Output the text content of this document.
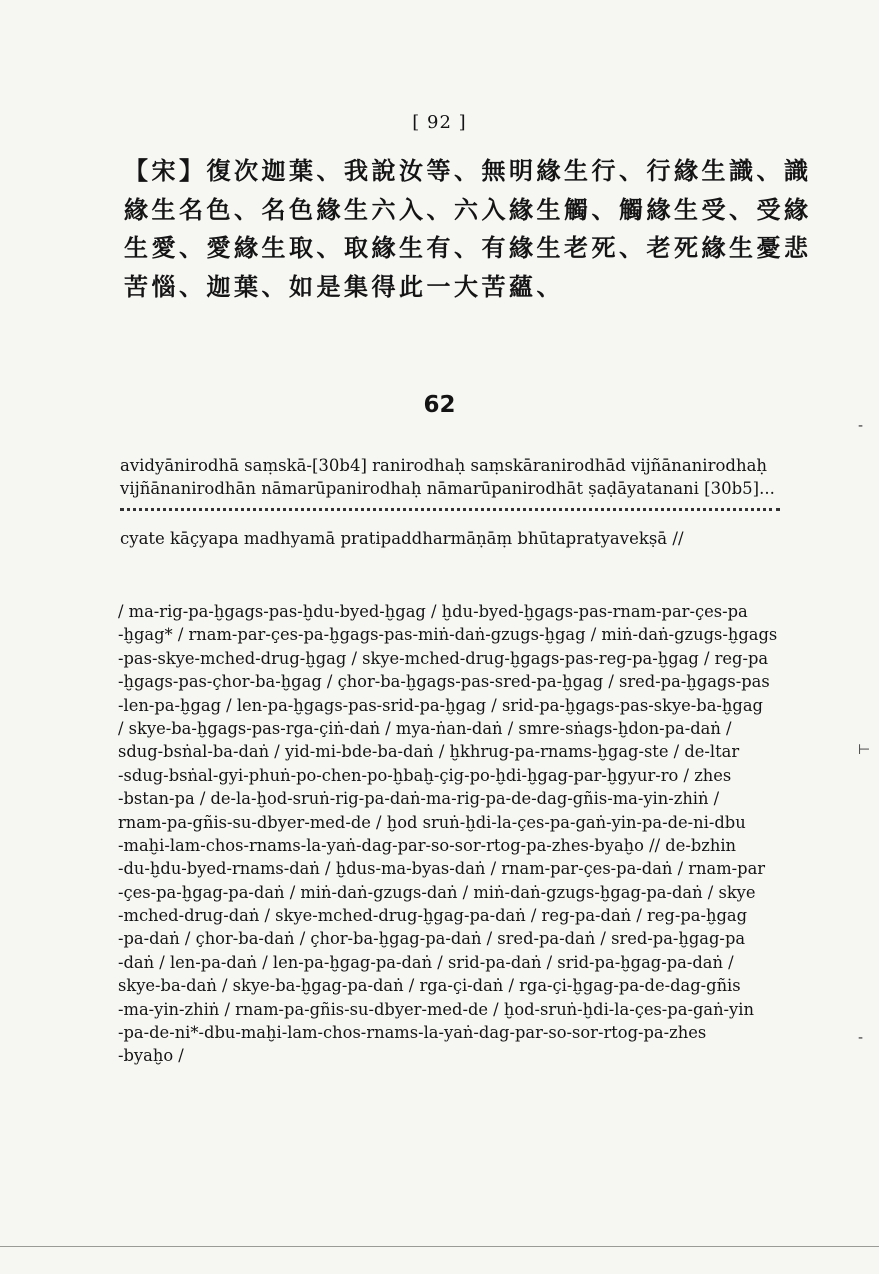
[ 92 ]
【宋】復次迦葉、我說汝等、無明緣生行、行緣生識、識
緣生名色、名色緣生六入、六入緣生觸、觸緣生受、受緣
生愛、愛緣生取、取緣生有、有緣生老死、老死緣生憂悲
苦惱、迦葉、如是集得此一大苦蘊、
62
avidyānirodhā saṃskā-[30b4] ranirodhaḥ saṃskāranirodhād vijñānanirodhaḥ
vijñānanirodhān nāmarūpanirodhaḥ nāmarūpanirodhāt ṣaḍāyatanani [30b5]...
cyate kāçyapa madhyamā pratipaddharmāṇāṃ bhūtapratyavekṣā //
/ ma-rig-pa-ḫgags-pas-ḫdu-byed-ḫgag / ḫdu-byed-ḫgags-pas-rnam-par-çes-pa
-ḫgag* / rnam-par-çes-pa-ḫgags-pas-miṅ-daṅ-gzugs-ḫgag / miṅ-daṅ-gzugs-ḫgags
-pas-skye-mched-drug-ḫgag / skye-mched-drug-ḫgags-pas-reg-pa-ḫgag / reg-pa
-ḫgags-pas-çhor-ba-ḫgag / çhor-ba-ḫgags-pas-sred-pa-ḫgag / sred-pa-ḫgags-pas
-len-pa-ḫgag / len-pa-ḫgags-pas-srid-pa-ḫgag / srid-pa-ḫgags-pas-skye-ba-ḫgag
/ skye-ba-ḫgags-pas-rga-çiṅ-daṅ / mya-ṅan-daṅ / smre-sṅags-ḫdon-pa-daṅ /
sdug-bsṅal-ba-daṅ / yid-mi-bde-ba-daṅ / ḫkhrug-pa-rnams-ḫgag-ste / de-ltar
-sdug-bsṅal-gyi-phuṅ-po-chen-po-ḫbaḫ-çig-po-ḫdi-ḫgag-par-ḫgyur-ro / zhes
-bstan-pa / de-la-ḫod-sruṅ-rig-pa-daṅ-ma-rig-pa-de-dag-gñis-ma-yin-zhiṅ /
rnam-pa-gñis-su-dbyer-med-de / ḫod sruṅ-ḫdi-la-çes-pa-gaṅ-yin-pa-de-ni-dbu
-maḫi-lam-chos-rnams-la-yaṅ-dag-par-so-sor-rtog-pa-zhes-byaḫo // de-bzhin
-du-ḫdu-byed-rnams-daṅ / ḫdus-ma-byas-daṅ / rnam-par-çes-pa-daṅ / rnam-par
-çes-pa-ḫgag-pa-daṅ / miṅ-daṅ-gzugs-daṅ / miṅ-daṅ-gzugs-ḫgag-pa-daṅ / skye
-mched-drug-daṅ / skye-mched-drug-ḫgag-pa-daṅ / reg-pa-daṅ / reg-pa-ḫgag
-pa-daṅ / çhor-ba-daṅ / çhor-ba-ḫgag-pa-daṅ / sred-pa-daṅ / sred-pa-ḫgag-pa
-daṅ / len-pa-daṅ / len-pa-ḫgag-pa-daṅ / srid-pa-daṅ / srid-pa-ḫgag-pa-daṅ /
skye-ba-daṅ / skye-ba-ḫgag-pa-daṅ / rga-çi-daṅ / rga-çi-ḫgag-pa-de-dag-gñis
-ma-yin-zhiṅ / rnam-pa-gñis-su-dbyer-med-de / ḫod-sruṅ-ḫdi-la-çes-pa-gaṅ-yin
-pa-de-ni*-dbu-maḫi-lam-chos-rnams-la-yaṅ-dag-par-so-sor-rtog-pa-zhes
-byaḫo /
-
⊢
-
